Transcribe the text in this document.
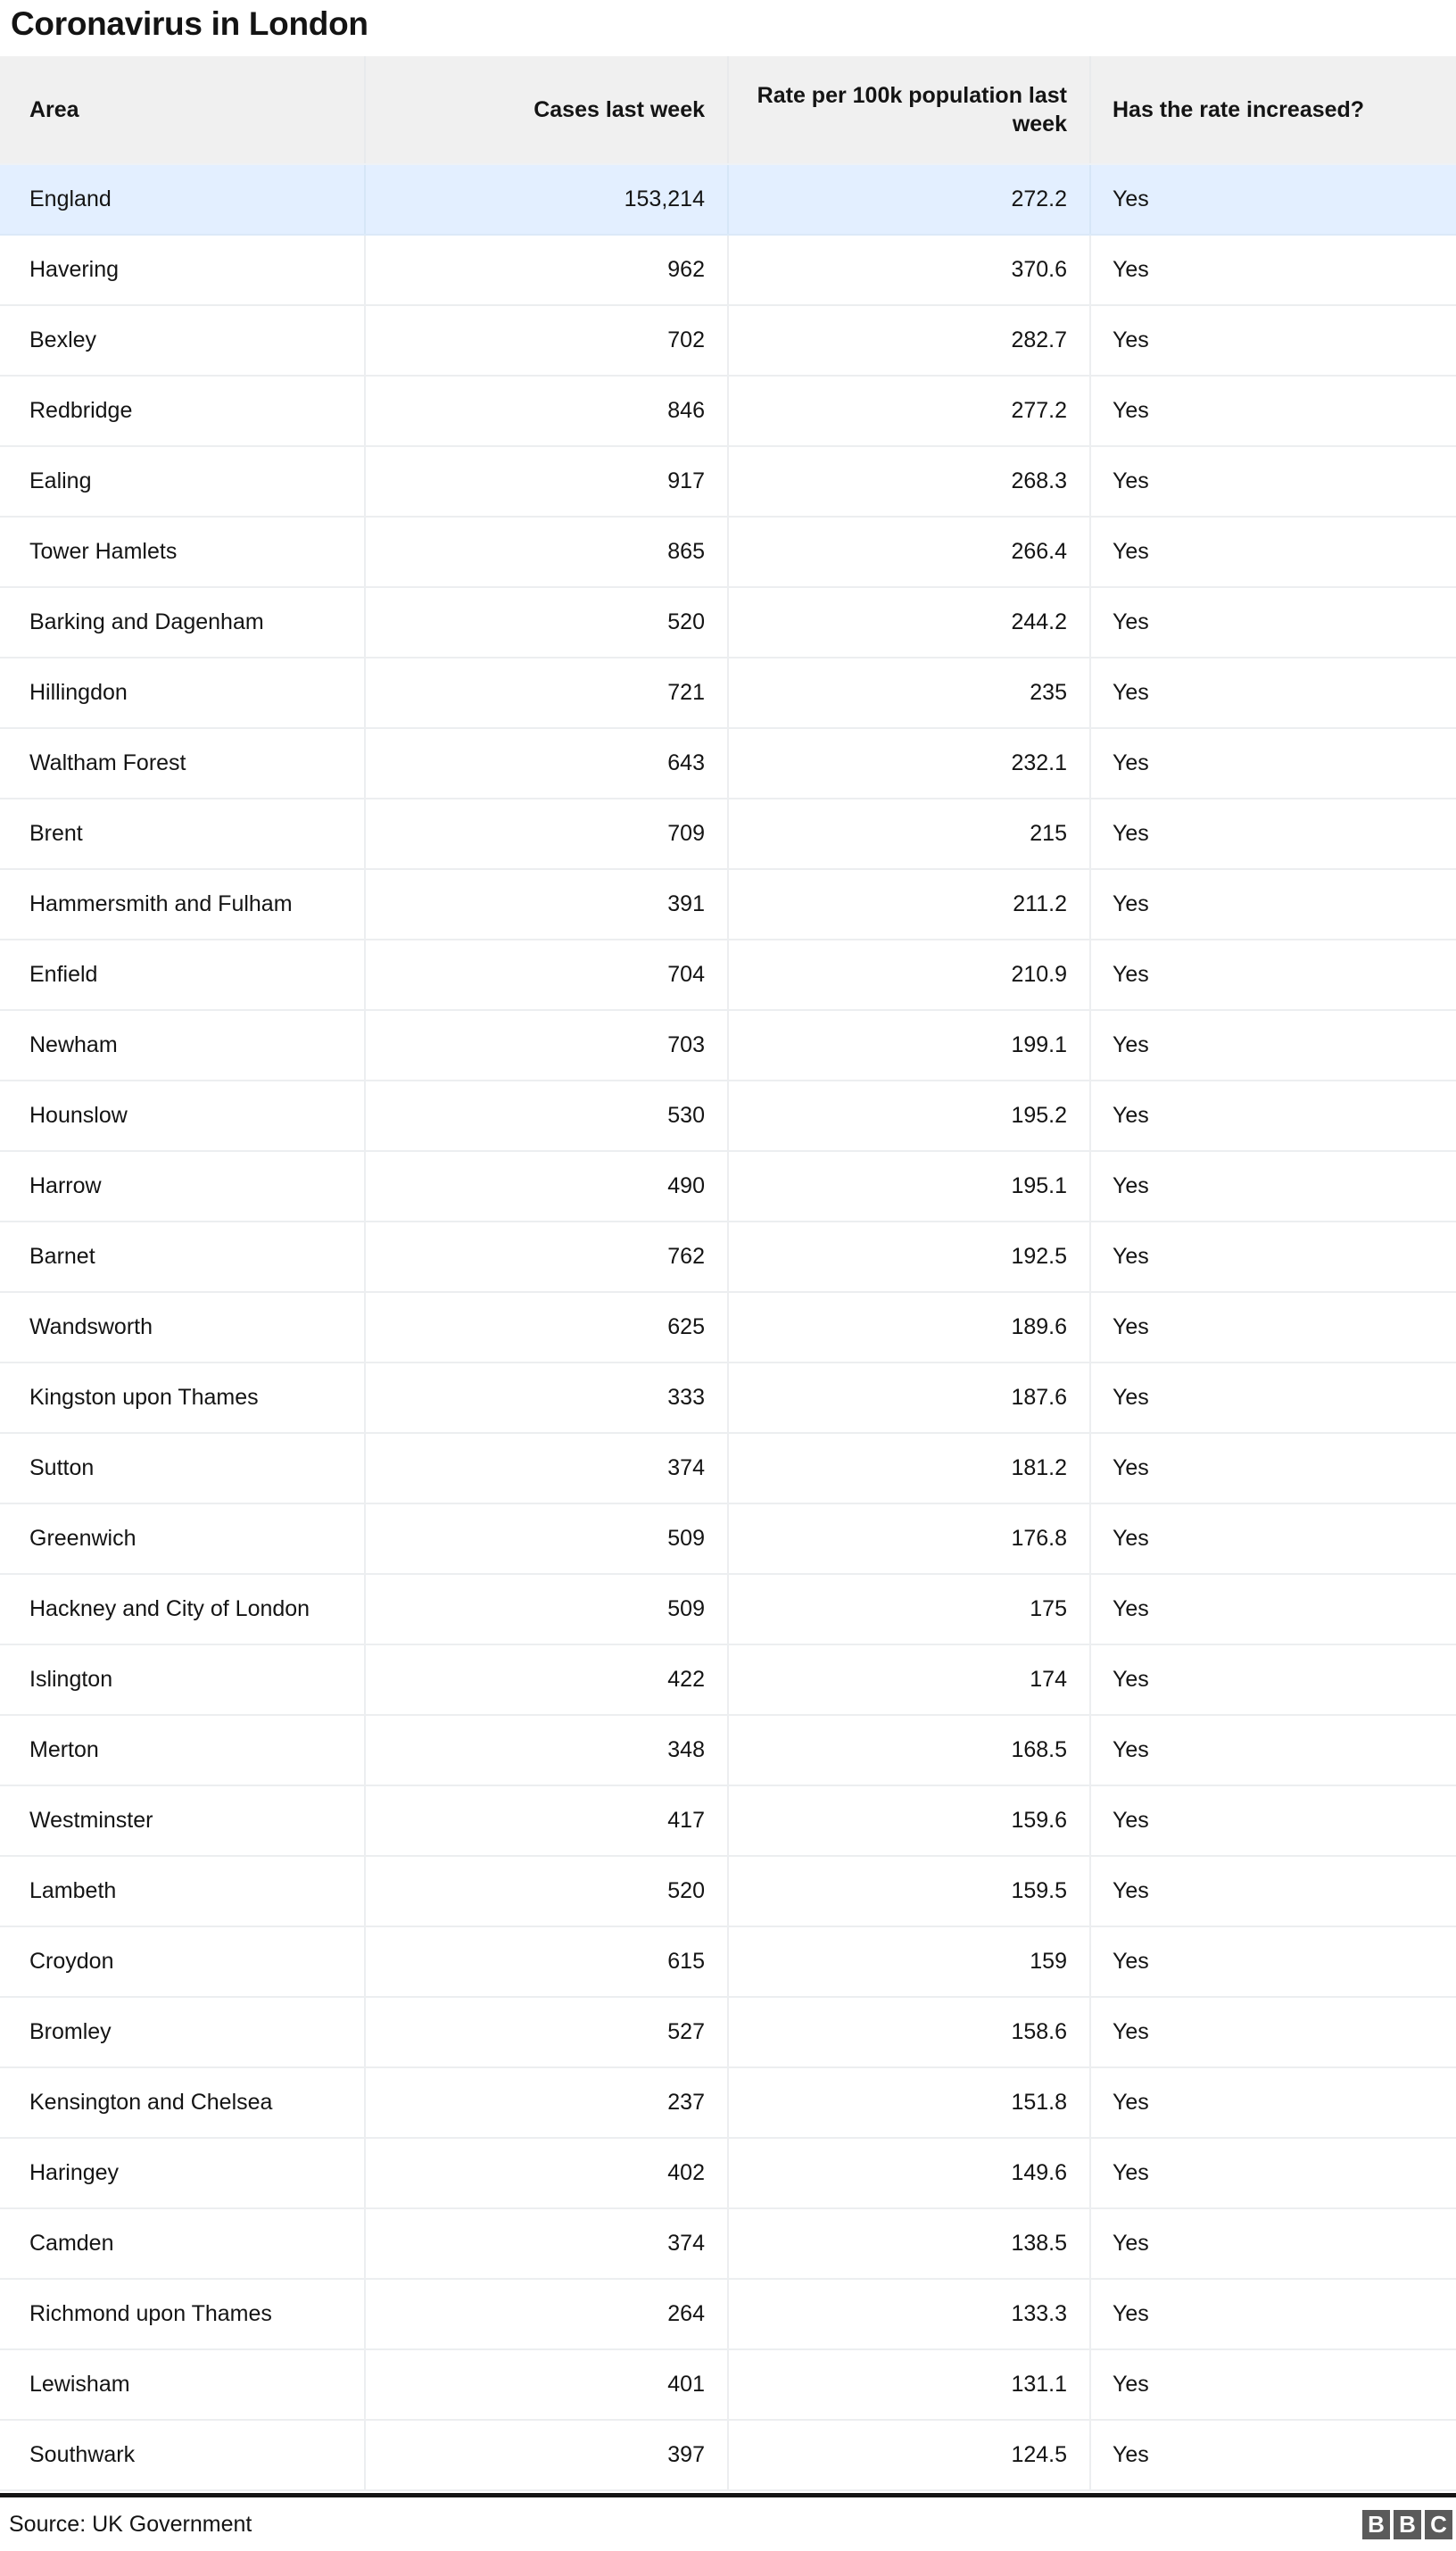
Coronavirus in London
Area	Cases last week	Rate per 100k population last week	Has the rate increased?
England	153,214	272.2	Yes
Havering	962	370.6	Yes
Bexley	702	282.7	Yes
Redbridge	846	277.2	Yes
Ealing	917	268.3	Yes
Tower Hamlets	865	266.4	Yes
Barking and Dagenham	520	244.2	Yes
Hillingdon	721	235	Yes
Waltham Forest	643	232.1	Yes
Brent	709	215	Yes
Hammersmith and Fulham	391	211.2	Yes
Enfield	704	210.9	Yes
Newham	703	199.1	Yes
Hounslow	530	195.2	Yes
Harrow	490	195.1	Yes
Barnet	762	192.5	Yes
Wandsworth	625	189.6	Yes
Kingston upon Thames	333	187.6	Yes
Sutton	374	181.2	Yes
Greenwich	509	176.8	Yes
Hackney and City of London	509	175	Yes
Islington	422	174	Yes
Merton	348	168.5	Yes
Westminster	417	159.6	Yes
Lambeth	520	159.5	Yes
Croydon	615	159	Yes
Bromley	527	158.6	Yes
Kensington and Chelsea	237	151.8	Yes
Haringey	402	149.6	Yes
Camden	374	138.5	Yes
Richmond upon Thames	264	133.3	Yes
Lewisham	401	131.1	Yes
Southwark	397	124.5	Yes
Source: UK Government	B B C
